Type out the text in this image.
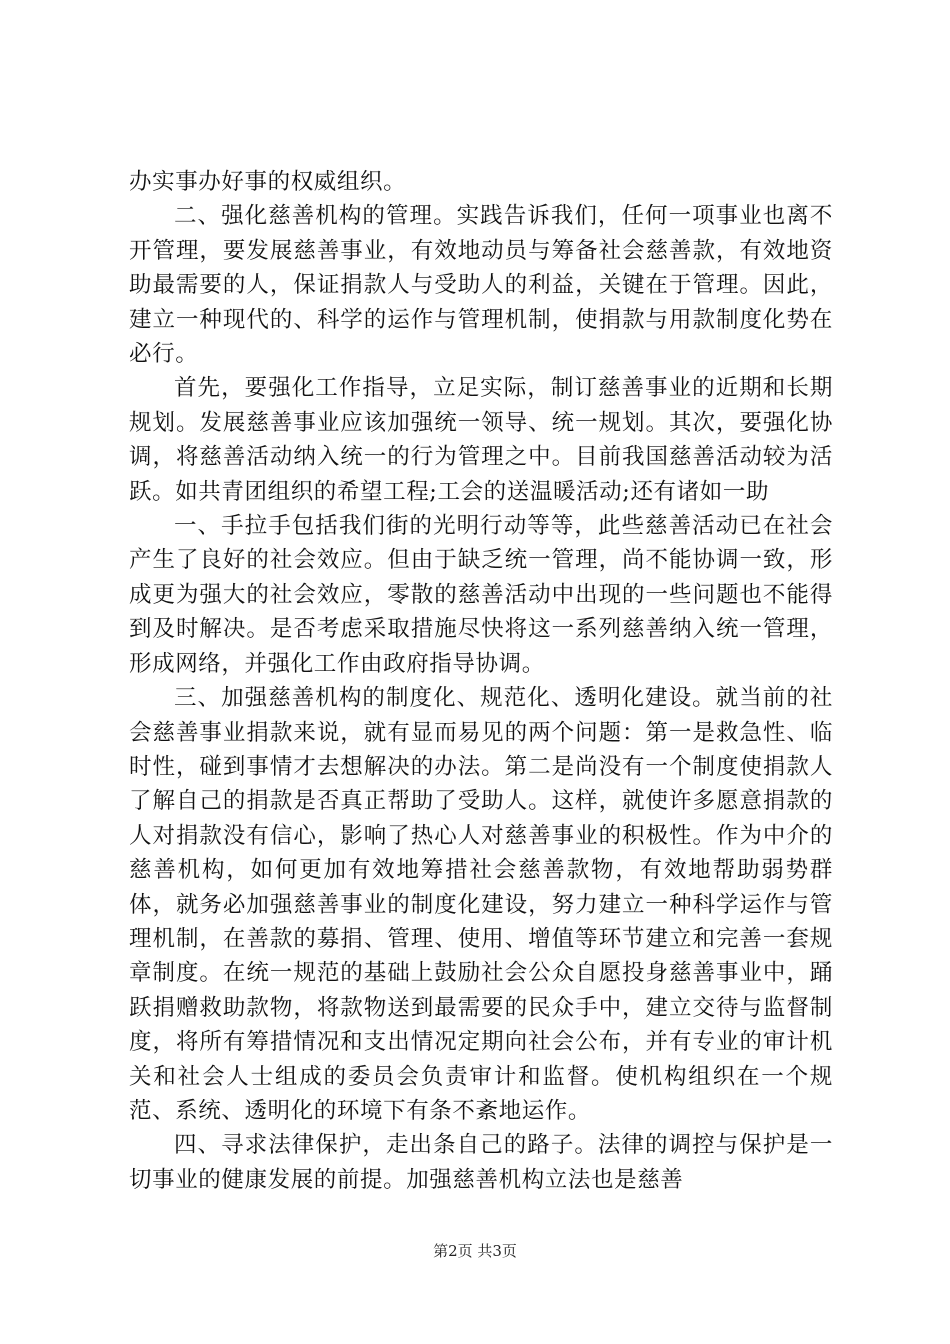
办实事办好事的权威组织。

二、强化慈善机构的管理。实践告诉我们，任何一项事业也离不开管理，要发展慈善事业，有效地动员与筹备社会慈善款，有效地资助最需要的人，保证捐款人与受助人的利益，关键在于管理。因此，建立一种现代的、科学的运作与管理机制，使捐款与用款制度化势在必行。

首先，要强化工作指导，立足实际，制订慈善事业的近期和长期规划。发展慈善事业应该加强统一领导、统一规划。其次，要强化协调，将慈善活动纳入统一的行为管理之中。目前我国慈善活动较为活跃。如共青团组织的希望工程;工会的送温暖活动;还有诸如一助

一、手拉手包括我们街的光明行动等等，此些慈善活动已在社会产生了良好的社会效应。但由于缺乏统一管理，尚不能协调一致，形成更为强大的社会效应，零散的慈善活动中出现的一些问题也不能得到及时解决。是否考虑采取措施尽快将这一系列慈善纳入统一管理，形成网络，并强化工作由政府指导协调。

三、加强慈善机构的制度化、规范化、透明化建设。就当前的社会慈善事业捐款来说，就有显而易见的两个问题：第一是救急性、临时性，碰到事情才去想解决的办法。第二是尚没有一个制度使捐款人了解自己的捐款是否真正帮助了受助人。这样，就使许多愿意捐款的人对捐款没有信心，影响了热心人对慈善事业的积极性。作为中介的慈善机构，如何更加有效地筹措社会慈善款物，有效地帮助弱势群体，就务必加强慈善事业的制度化建设，努力建立一种科学运作与管理机制，在善款的募捐、管理、使用、增值等环节建立和完善一套规章制度。在统一规范的基础上鼓励社会公众自愿投身慈善事业中，踊跃捐赠救助款物，将款物送到最需要的民众手中，建立交待与监督制度，将所有筹措情况和支出情况定期向社会公布，并有专业的审计机关和社会人士组成的委员会负责审计和监督。使机构组织在一个规范、系统、透明化的环境下有条不紊地运作。

四、寻求法律保护，走出条自己的路子。法律的调控与保护是一切事业的健康发展的前提。加强慈善机构立法也是慈善

第2页 共3页
